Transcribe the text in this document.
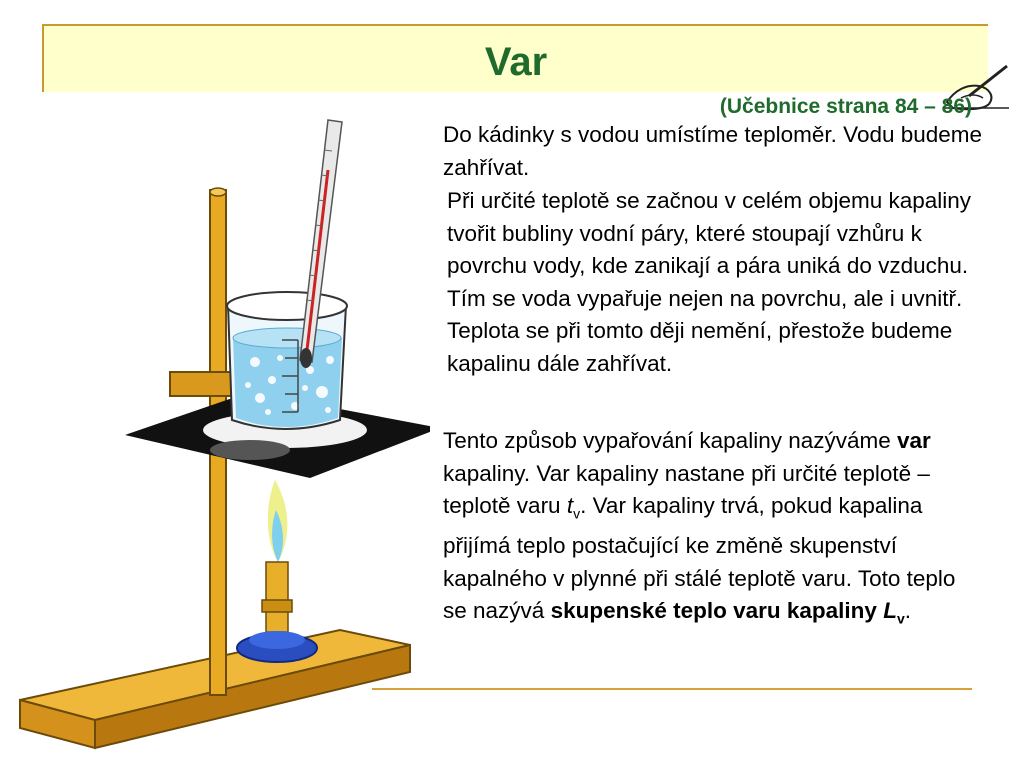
Var
(Učebnice strana 84 – 86)
Do kádinky s vodou umístíme teploměr. Vodu budeme zahřívat.
Při určité teplotě se začnou v celém objemu kapaliny tvořit bubliny vodní páry, které stoupají vzhůru k povrchu vody, kde zanikají a pára uniká do vzduchu. Tím se voda vypařuje nejen na povrchu, ale i uvnitř. Teplota se při tomto ději nemění, přestože budeme kapalinu dále zahřívat.
Tento způsob vypařování kapaliny nazýváme var kapaliny. Var kapaliny nastane při určité teplotě – teplotě varu $t_v$. Var kapaliny trvá, pokud kapalina přijímá teplo postačující ke změně skupenství kapalného v plynné při stálé teplotě varu. Toto teplo se nazývá skupenské teplo varu kapaliny $L_v$.
